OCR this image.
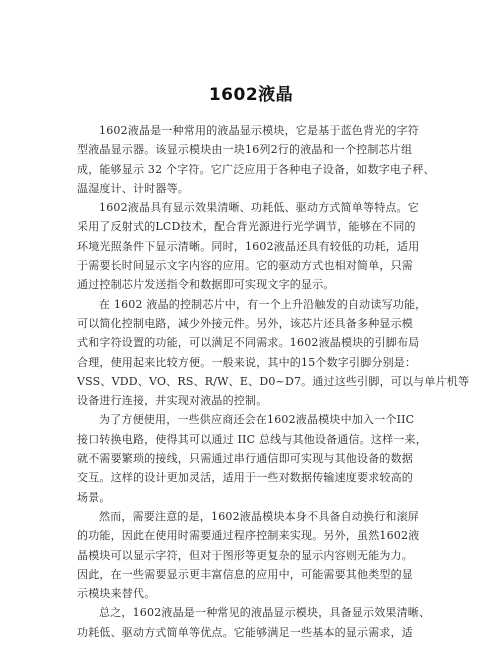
1602液晶
1602液晶是一种常用的液晶显示模块，它是基于蓝色背光的字符
型液晶显示器。该显示模块由一块16列2行的液晶和一个控制芯片组
成，能够显示 32 个字符。它广泛应用于各种电子设备，如数字电子秤、
温湿度计、计时器等。
1602液晶具有显示效果清晰、功耗低、驱动方式简单等特点。它
采用了反射式的LCD技术，配合背光源进行光学调节，能够在不同的
环境光照条件下显示清晰。同时，1602液晶还具有较低的功耗，适用
于需要长时间显示文字内容的应用。它的驱动方式也相对简单，只需
通过控制芯片发送指令和数据即可实现文字的显示。
在 1602 液晶的控制芯片中，有一个上升沿触发的自动读写功能，
可以简化控制电路，减少外接元件。另外，该芯片还具备多种显示模
式和字符设置的功能，可以满足不同需求。1602液晶模块的引脚布局
合理，使用起来比较方便。一般来说，其中的15个数字引脚分别是：
VSS、VDD、VO、RS、R/W、E、D0~D7。通过这些引脚，可以与单片机等
设备进行连接，并实现对液晶的控制。
为了方便使用，一些供应商还会在1602液晶模块中加入一个IIC
接口转换电路，使得其可以通过 IIC 总线与其他设备通信。这样一来，
就不需要繁琐的接线，只需通过串行通信即可实现与其他设备的数据
交互。这样的设计更加灵活，适用于一些对数据传输速度要求较高的
场景。
然而，需要注意的是，1602液晶模块本身不具备自动换行和滚屏
的功能，因此在使用时需要通过程序控制来实现。另外，虽然1602液
晶模块可以显示字符，但对于图形等更复杂的显示内容则无能为力。
因此，在一些需要显示更丰富信息的应用中，可能需要其他类型的显
示模块来替代。
总之，1602液晶是一种常见的液晶显示模块，具备显示效果清晰、
功耗低、驱动方式简单等优点。它能够满足一些基本的显示需求，适
